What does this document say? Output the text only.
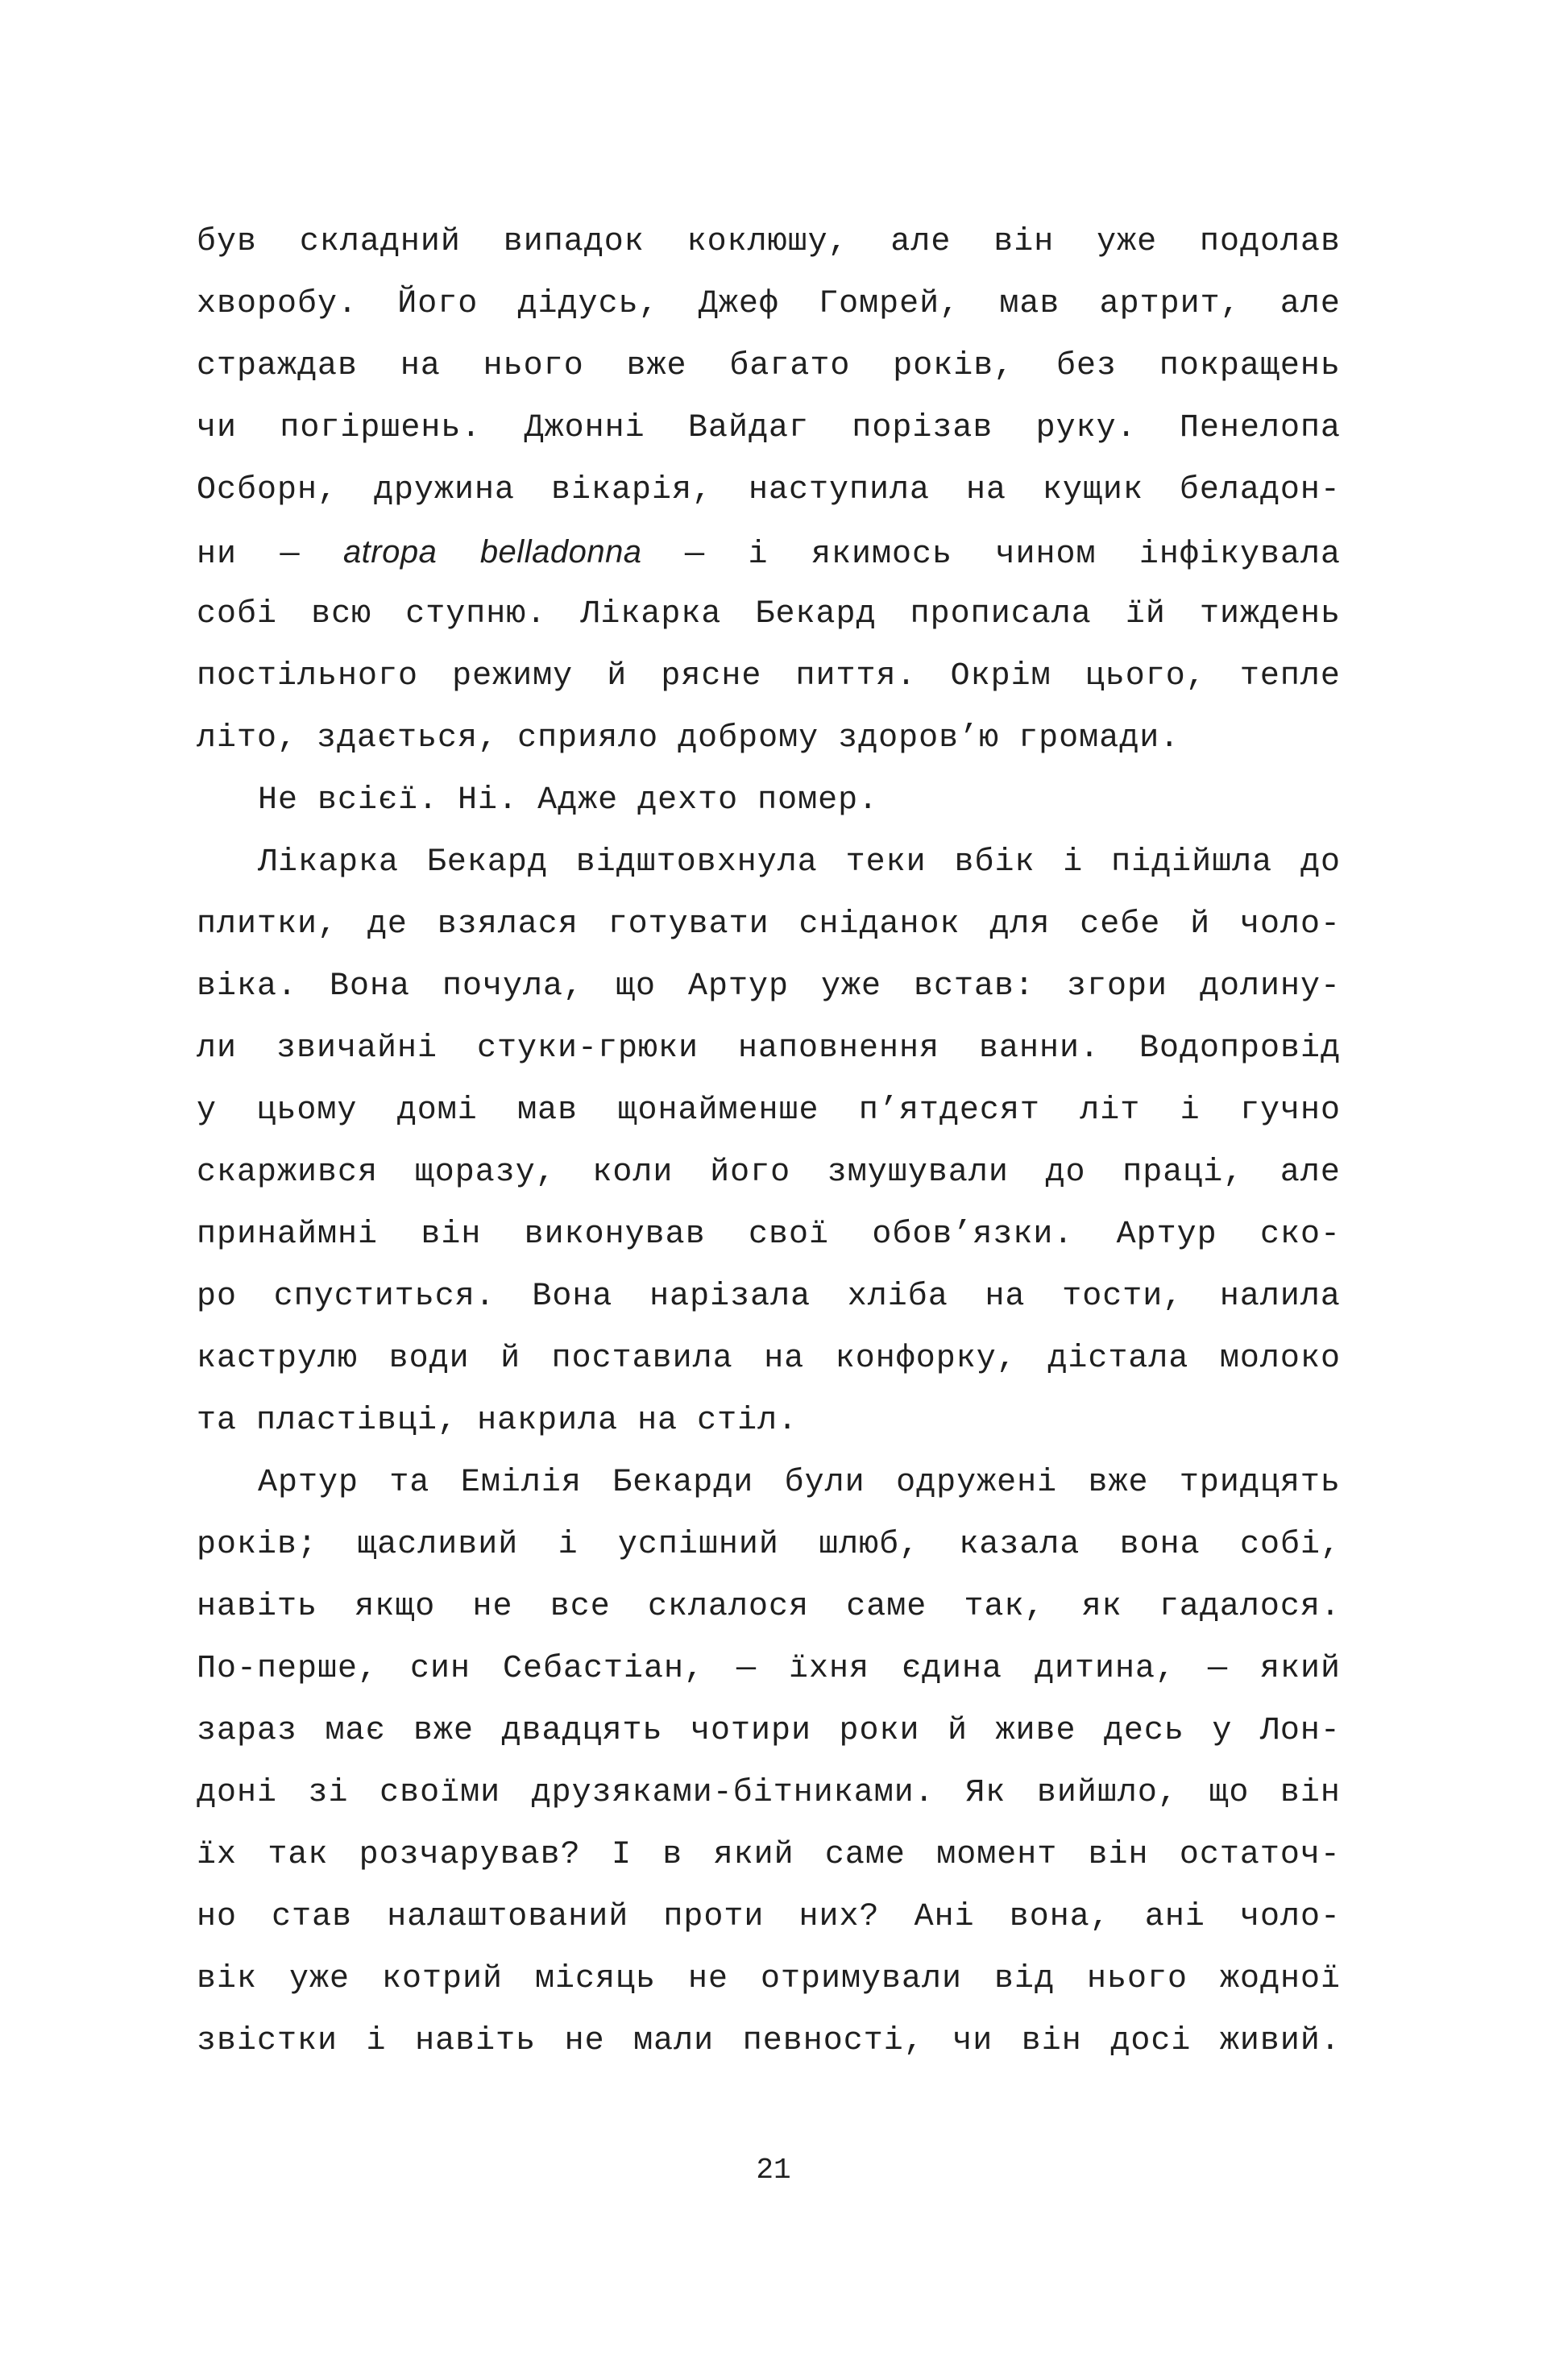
був складний випадок коклюшу, але він уже подолав
хворобу. Його дідусь, Джеф Гомрей, мав артрит, але
страждав на нього вже багато років, без покращень
чи погіршень. Джонні Вайдаг порізав руку. Пенелопа
Осборн, дружина вікарія, наступила на кущик беладон-
ни — atropa belladonna — і якимось чином інфікувала
собі всю ступню. Лікарка Бекард прописала їй тиждень
постільного режиму й рясне пиття. Окрім цього, тепле
літо, здається, сприяло доброму здоров’ю громади.
Не всієї. Ні. Адже дехто помер.
Лікарка Бекард відштовхнула теки вбік і підійшла до
плитки, де взялася готувати сніданок для себе й чоло-
віка. Вона почула, що Артур уже встав: згори долину-
ли звичайні стуки-грюки наповнення ванни. Водопровід
у цьому домі мав щонайменше п’ятдесят літ і гучно
скаржився щоразу, коли його змушували до праці, але
принаймні він виконував свої обов’язки. Артур ско-
ро спуститься. Вона нарізала хліба на тости, налила
каструлю води й поставила на конфорку, дістала молоко
та пластівці, накрила на стіл.
Артур та Емілія Бекарди були одружені вже тридцять
років; щасливий і успішний шлюб, казала вона собі,
навіть якщо не все склалося саме так, як гадалося.
По-перше, син Себастіан, — їхня єдина дитина, — який
зараз має вже двадцять чотири роки й живе десь у Лон-
доні зі своїми друзяками-бітниками. Як вийшло, що він
їх так розчарував? І в який саме момент він остаточ-
но став налаштований проти них? Ані вона, ані чоло-
вік уже котрий місяць не отримували від нього жодної
звістки і навіть не мали певності, чи він досі живий.
21
